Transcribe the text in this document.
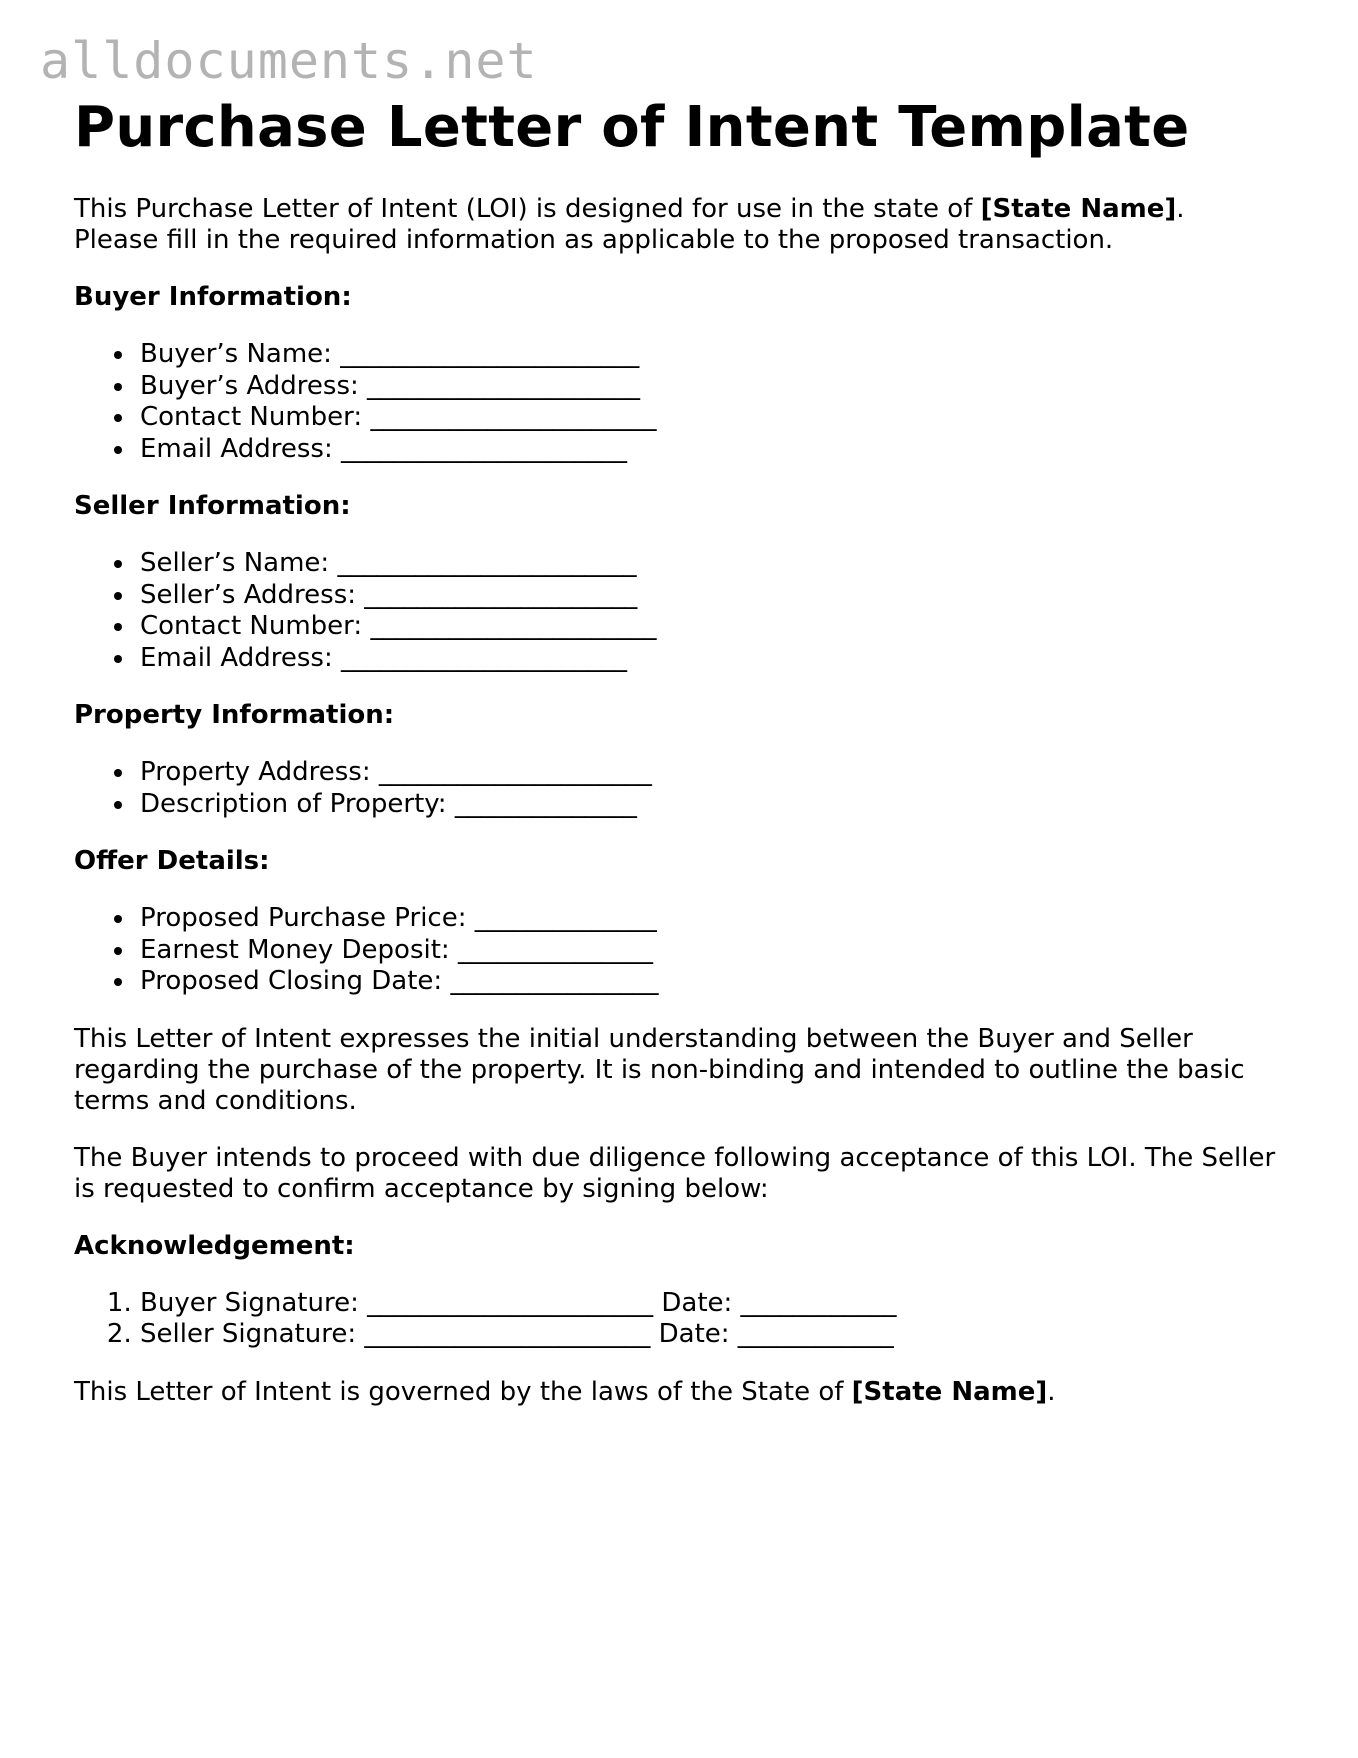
alldocuments.net

Purchase Letter of Intent Template

This Purchase Letter of Intent (LOI) is designed for use in the state of [State Name].
Please fill in the required information as applicable to the proposed transaction.

Buyer Information:
Buyer’s Name: _______________________
Buyer’s Address: _____________________
Contact Number: ______________________
Email Address: ______________________
Seller Information:
Seller’s Name: _______________________
Seller’s Address: _____________________
Contact Number: ______________________
Email Address: ______________________
Property Information:
Property Address: _____________________
Description of Property: ______________
Offer Details:
Proposed Purchase Price: ______________
Earnest Money Deposit: _______________
Proposed Closing Date: ________________

This Letter of Intent expresses the initial understanding between the Buyer and Seller regarding the purchase of the property. It is non-binding and intended to outline the basic terms and conditions.

The Buyer intends to proceed with due diligence following acceptance of this LOI. The Seller is requested to confirm acceptance by signing below:

Acknowledgement:
1. Buyer Signature: ______________________ Date: ____________
2. Seller Signature: ______________________ Date: ____________

This Letter of Intent is governed by the laws of the State of [State Name].
